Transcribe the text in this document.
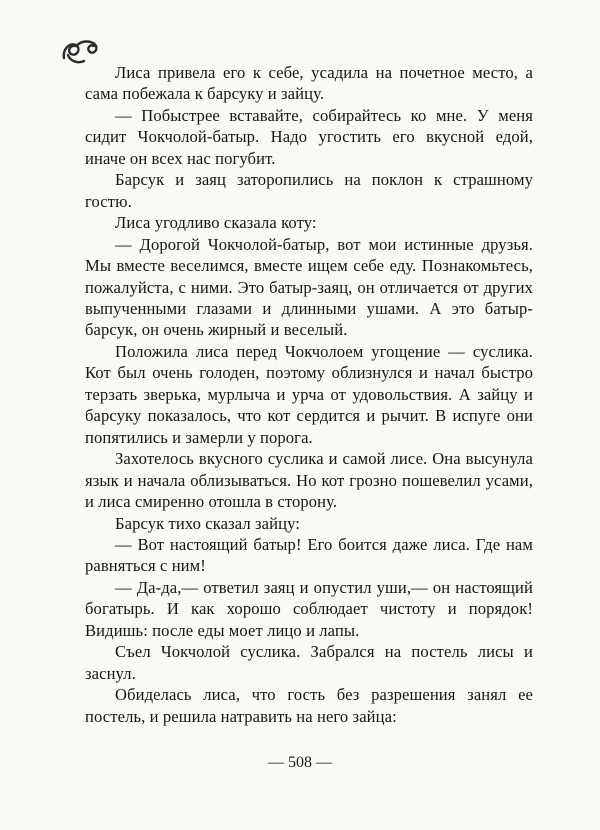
Лиса привела его к себе, усадила на почетное место, а сама побежала к барсуку и зайцу.

— Побыстрее вставайте, собирайтесь ко мне. У меня сидит Чокчолой-батыр. Надо угостить его вкусной едой, иначе он всех нас погубит.

Барсук и заяц заторопились на поклон к страшному гостю.

Лиса угодливо сказала коту:

— Дорогой Чокчолой-батыр, вот мои истинные друзья. Мы вместе веселимся, вместе ищем себе еду. Познакомьтесь, пожалуйста, с ними. Это батыр-заяц, он отличается от других выпученными глазами и длинными ушами. А это батыр-барсук, он очень жирный и веселый.

Положила лиса перед Чокчолоем угощение — суслика. Кот был очень голоден, поэтому облизнулся и начал быстро терзать зверька, мурлыча и урча от удовольствия. А зайцу и барсуку показалось, что кот сердится и рычит. В испуге они попятились и замерли у порога.

Захотелось вкусного суслика и самой лисе. Она высунула язык и начала облизываться. Но кот грозно пошевелил усами, и лиса смиренно отошла в сторону.

Барсук тихо сказал зайцу:

— Вот настоящий батыр! Его боится даже лиса. Где нам равняться с ним!

— Да-да,— ответил заяц и опустил уши,— он настоящий богатырь. И как хорошо соблюдает чистоту и порядок! Видишь: после еды моет лицо и лапы.

Съел Чокчолой суслика. Забрался на постель лисы и заснул.

Обиделась лиса, что гость без разрешения занял ее постель, и решила натравить на него зайца:

— 508 —
